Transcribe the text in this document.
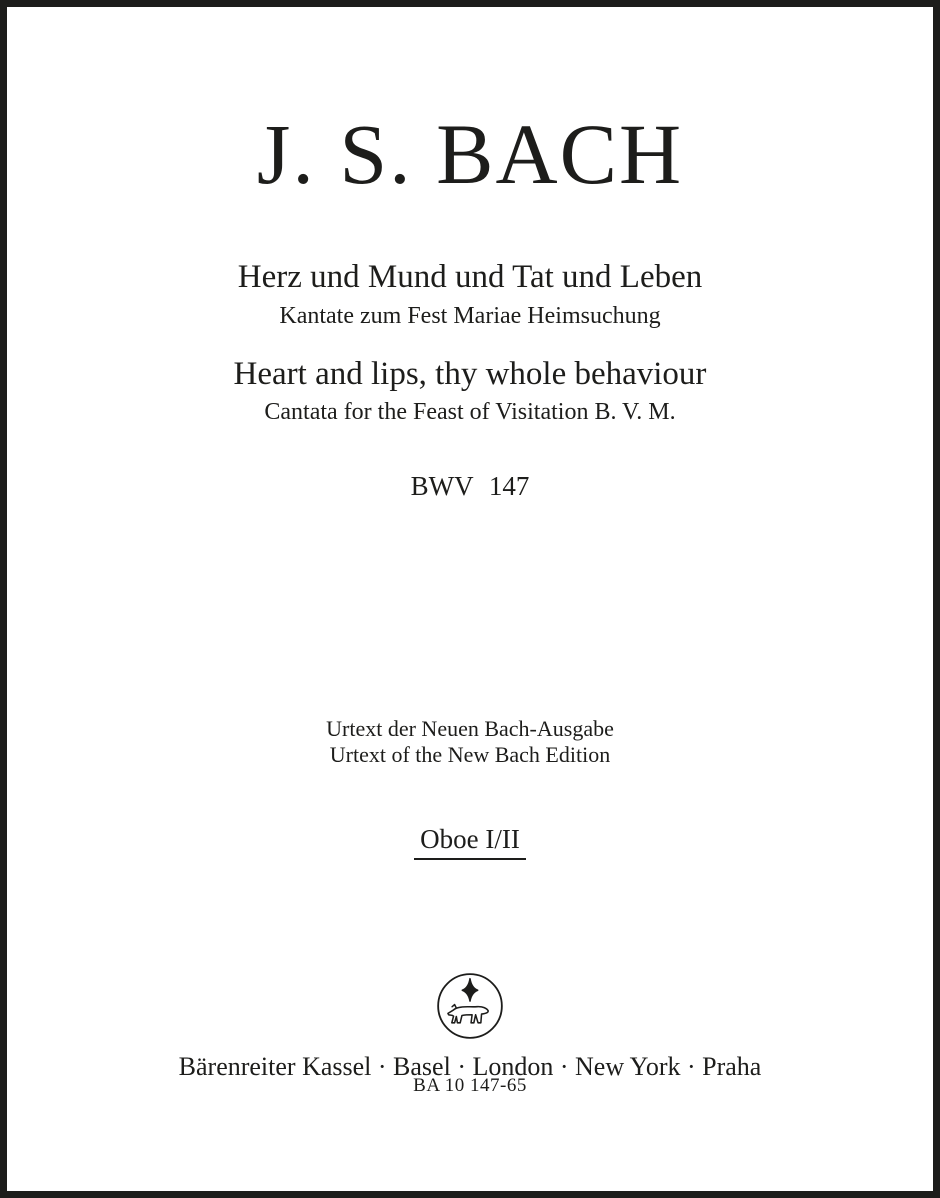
J. S. BACH
Herz und Mund und Tat und Leben
Kantate zum Fest Mariae Heimsuchung
Heart and lips, thy whole behaviour
Cantata for the Feast of Visitation B. V. M.
BWV 147
Urtext der Neuen Bach-Ausgabe
Urtext of the New Bach Edition
Oboe I/II
Bärenreiter Kassel · Basel · London · New York · Praha
BA 10 147-65
